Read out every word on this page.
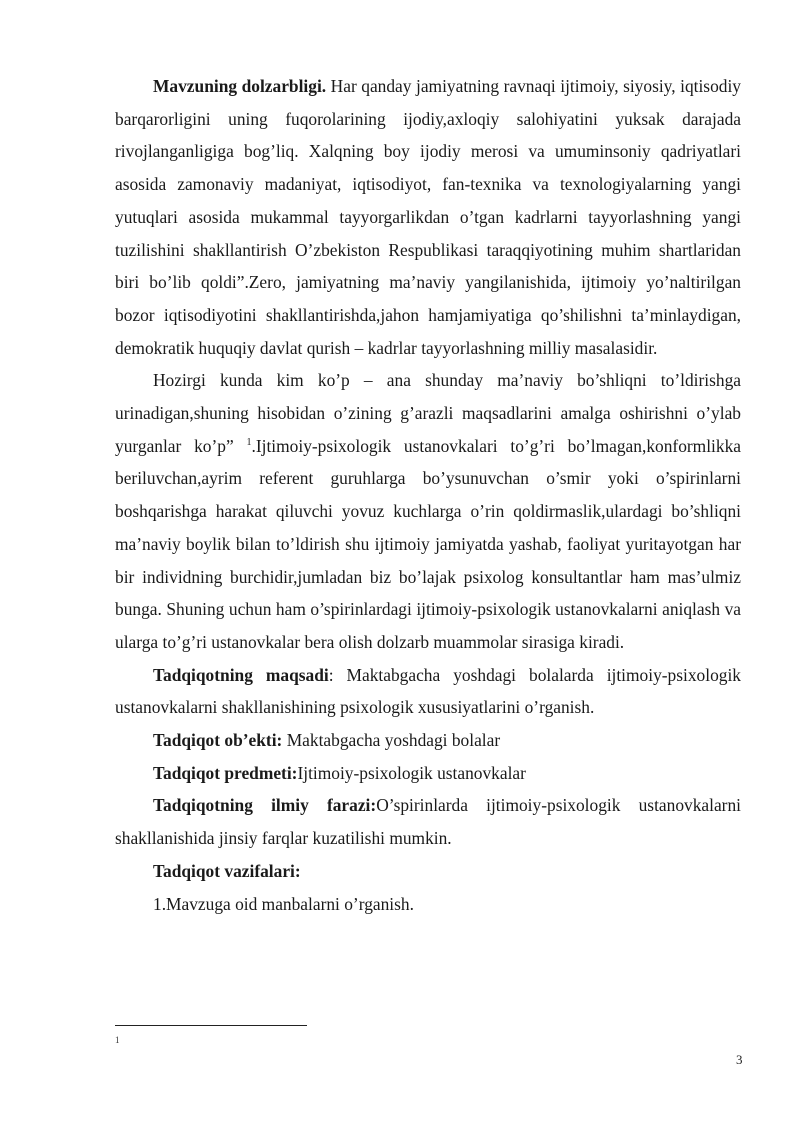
Mavzuning dolzarbligi. Har qanday jamiyatning ravnaqi ijtimoiy, siyosiy, iqtisodiy barqarorligini uning fuqorolarining ijodiy,axloqiy salohiyatini yuksak darajada rivojlanganligiga bog’liq. Xalqning boy ijodiy merosi va umuminsoniy qadriyatlari asosida zamonaviy madaniyat, iqtisodiyot, fan-texnika va texnologiyalarning yangi yutuqlari asosida mukammal tayyorgarlikdan o’tgan kadrlarni tayyorlashning yangi tuzilishini shakllantirish O’zbekiston Respublikasi taraqqiyotining muhim shartlaridan biri bo’lib qoldi”.Zero, jamiyatning ma’naviy yangilanishida, ijtimoiy yo’naltirilgan bozor iqtisodiyotini shakllantirishda,jahon hamjamiyatiga qo’shilishni ta’minlaydigan, demokratik huquqiy davlat qurish – kadrlar tayyorlashning milliy masalasidir.

Hozirgi kunda kim ko’p – ana shunday ma’naviy bo’shliqni to’ldirishga urinadigan,shuning hisobidan o’zining g’arazli maqsadlarini amalga oshirishni o’ylab yurganlar ko’p” $^1$.Ijtimoiy-psixologik ustanovkalari to’g’ri bo’lmagan,konformlikka beriluvchan,ayrim referent guruhlarga bo’ysunuvchan o’smir yoki o’spirinlarni boshqarishga harakat qiluvchi yovuz kuchlarga o’rin qoldirmaslik,ulardagi bo’shliqni ma’naviy boylik bilan to’ldirish shu ijtimoiy jamiyatda yashab, faoliyat yuritayotgan har bir individning burchidir,jumladan biz bo’lajak psixolog konsultantlar ham mas’ulmiz bunga. Shuning uchun ham o’spirinlardagi ijtimoiy-psixologik ustanovkalarni aniqlash va ularga to’g’ri ustanovkalar bera olish dolzarb muammolar sirasiga kiradi.

Tadqiqotning maqsadi: Maktabgacha yoshdagi bolalarda ijtimoiy-psixologik ustanovkalarni shakllanishining psixologik xususiyatlarini o’rganish.

Tadqiqot ob’ekti: Maktabgacha yoshdagi bolalar

Tadqiqot predmeti:Ijtimoiy-psixologik ustanovkalar

Tadqiqotning ilmiy farazi:O’spirinlarda ijtimoiy-psixologik ustanovkalarni shakllanishida jinsiy farqlar kuzatilishi mumkin.

Tadqiqot vazifalari:

1.Mavzuga oid manbalarni o’rganish.

1
3
